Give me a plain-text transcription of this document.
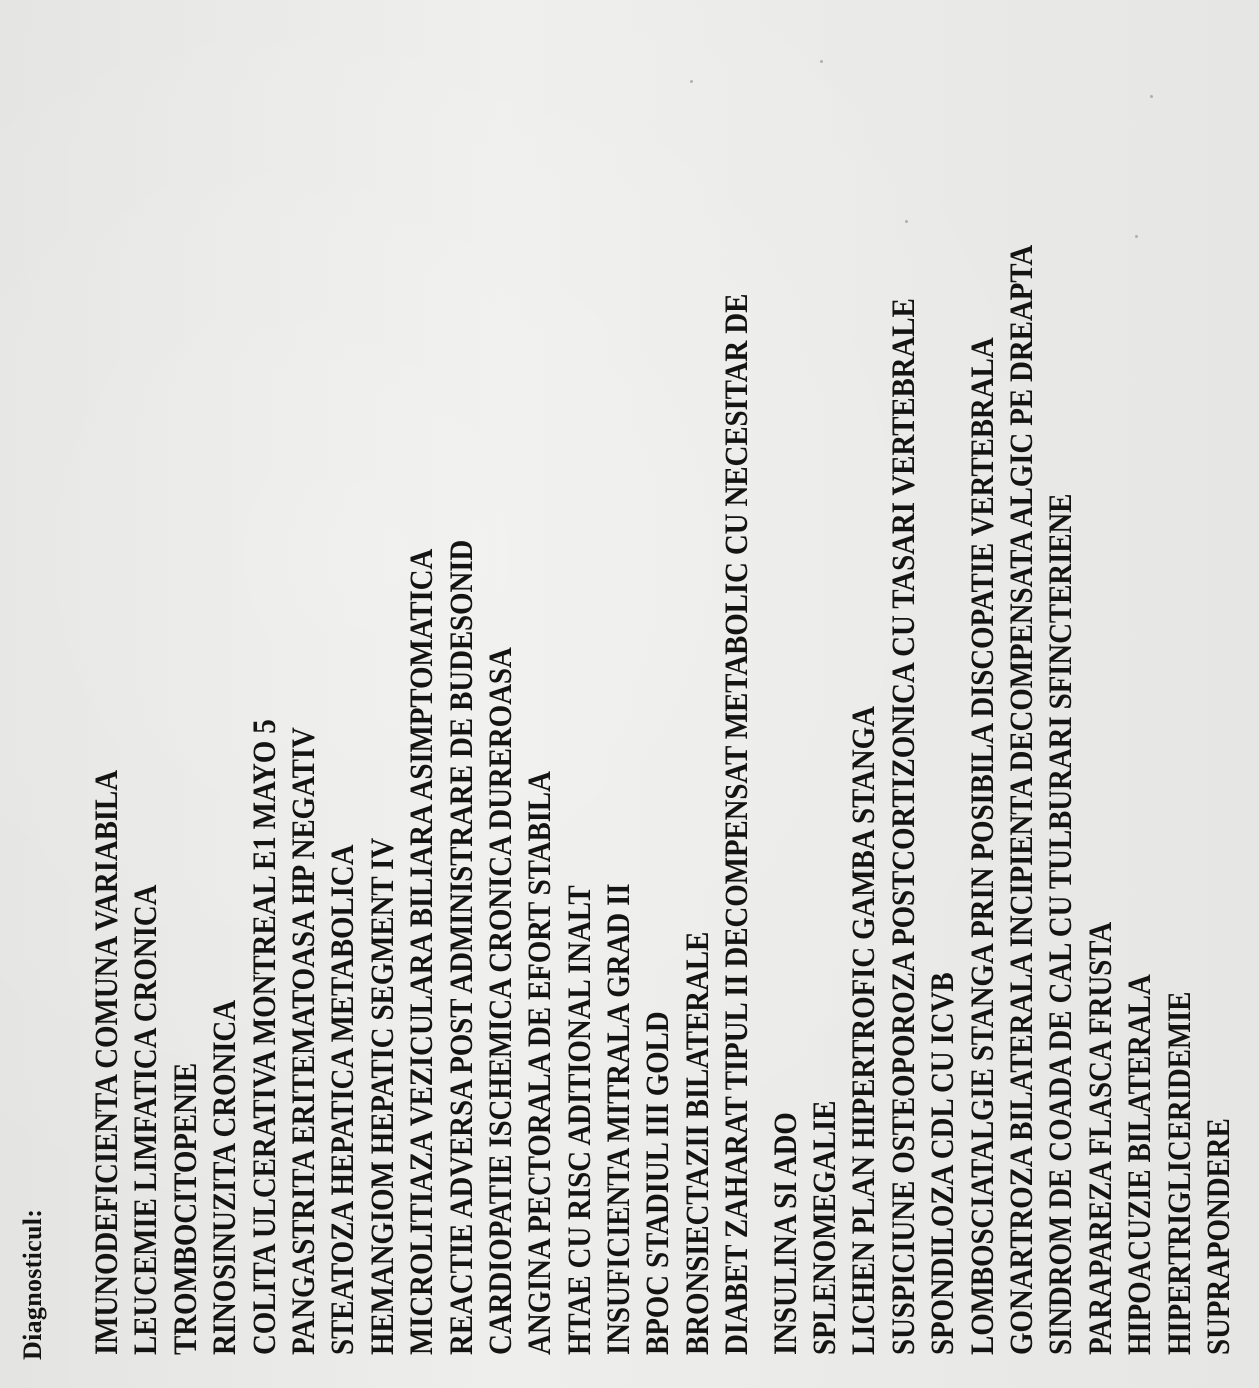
Diagnosticul: IMUNODEFICIENTA COMUNA VARIABILA LEUCEMIE LIMFATICA CRONICA TROMBOCITOPENIE RINOSINUZITA CRONICA COLITA ULCERATIVA MONTREAL E1 MAYO 5 PANGASTRITA ERITEMATOASA HP NEGATIV STEATOZA HEPATICA METABOLICA HEMANGIOM HEPATIC SEGMENT IV MICROLITIAZA VEZICULARA BILIARA ASIMPTOMATICA REACTIE ADVERSA POST ADMINISTRARE DE BUDESONID CARDIOPATIE ISCHEMICA CRONICA DUREROASA ANGINA PECTORALA DE EFORT STABILA HTAE CU RISC ADITIONAL INALT INSUFICIENTA MITRALA GRAD II BPOC STADIUL III GOLD BRONSIECTAZII BILATERALE DIABET ZAHARAT TIPUL II DECOMPENSAT METABOLIC CU NECESITAR DE INSULINA SI ADO SPLENOMEGALIE LICHEN PLAN HIPERTROFIC GAMBA STANGA SUSPICIUNE OSTEOPOROZA POSTCORTIZONICA CU TASARI VERTEBRALE SPONDILOZA CDL CU ICVB LOMBOSCIATALGIE STANGA PRIN POSIBILA DISCOPATIE VERTEBRALA GONARTROZA BILATERALA INCIPIENTA DECOMPENSATA ALGIC PE DREAPTA SINDROM DE COADA DE CAL CU TULBURARI SFINCTERIENE PARAPAREZA FLASCA FRUSTA HIPOACUZIE BILATERALA HIPERTRIGLICERIDEMIE SUPRAPONDERE
